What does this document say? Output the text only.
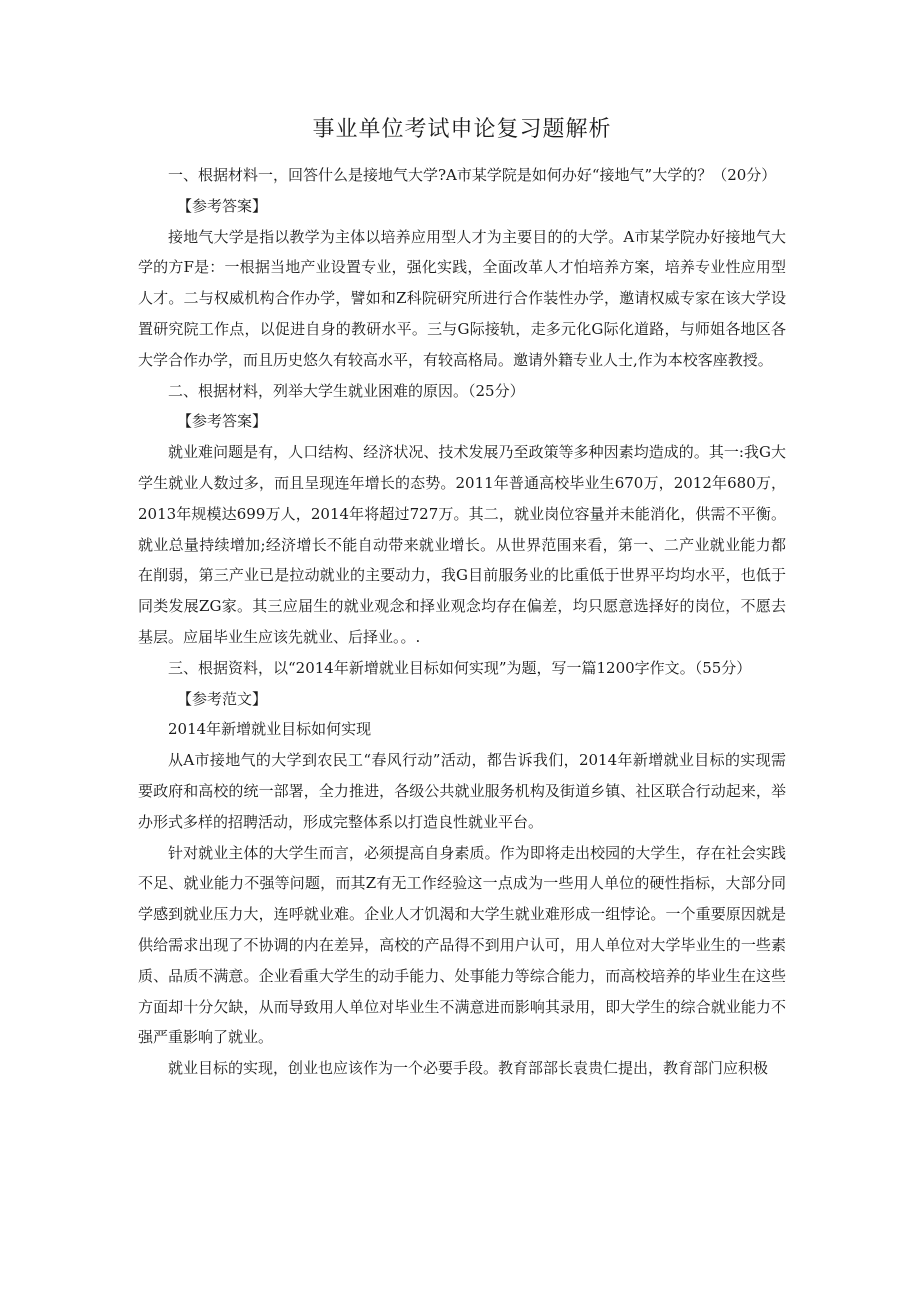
事业单位考试申论复习题解析

一、根据材料一，回答什么是接地气大学?A市某学院是如何办好“接地气”大学的？（20分）

【参考答案】

接地气大学是指以教学为主体以培养应用型人才为主要目的的大学。A市某学院办好接地气大学的方F是：一根据当地产业设置专业，强化实践，全面改革人才怕培养方案，培养专业性应用型人才。二与权威机构合作办学，譬如和Z科院研究所进行合作装性办学，邀请权威专家在该大学设置研究院工作点，以促进自身的教研水平。三与G际接轨，走多元化G际化道路，与师姐各地区各大学合作办学，而且历史悠久有较高水平，有较高格局。邀请外籍专业人士,作为本校客座教授。

二、根据材料，列举大学生就业困难的原因。（25分）

【参考答案】

就业难问题是有，人口结构、经济状况、技术发展乃至政策等多种因素均造成的。其一:我G大学生就业人数过多，而且呈现连年增长的态势。2011年普通高校毕业生670万，2012年680万，2013年规模达699万人，2014年将超过727万。其二，就业岗位容量并未能消化，供需不平衡。就业总量持续增加;经济增长不能自动带来就业增长。从世界范围来看，第一、二产业就业能力都在削弱，第三产业已是拉动就业的主要动力，我G目前服务业的比重低于世界平均均水平，也低于同类发展ZG家。其三应届生的就业观念和择业观念均存在偏差，均只愿意选择好的岗位，不愿去基层。应届毕业生应该先就业、后择业。。.

三、根据资料，以“2014年新增就业目标如何实现”为题，写一篇1200字作文。（55分）

【参考范文】

2014年新增就业目标如何实现

从A市接地气的大学到农民工“春风行动”活动，都告诉我们，2014年新增就业目标的实现需要政府和高校的统一部署，全力推进，各级公共就业服务机构及街道乡镇、社区联合行动起来，举办形式多样的招聘活动，形成完整体系以打造良性就业平台。

针对就业主体的大学生而言，必须提高自身素质。作为即将走出校园的大学生，存在社会实践不足、就业能力不强等问题，而其Z有无工作经验这一点成为一些用人单位的硬性指标，大部分同学感到就业压力大，连呼就业难。企业人才饥渴和大学生就业难形成一组悖论。一个重要原因就是供给需求出现了不协调的内在差异，高校的产品得不到用户认可，用人单位对大学毕业生的一些素质、品质不满意。企业看重大学生的动手能力、处事能力等综合能力，而高校培养的毕业生在这些方面却十分欠缺，从而导致用人单位对毕业生不满意进而影响其录用，即大学生的综合就业能力不强严重影响了就业。

就业目标的实现，创业也应该作为一个必要手段。教育部部长袁贵仁提出，教育部门应积极
